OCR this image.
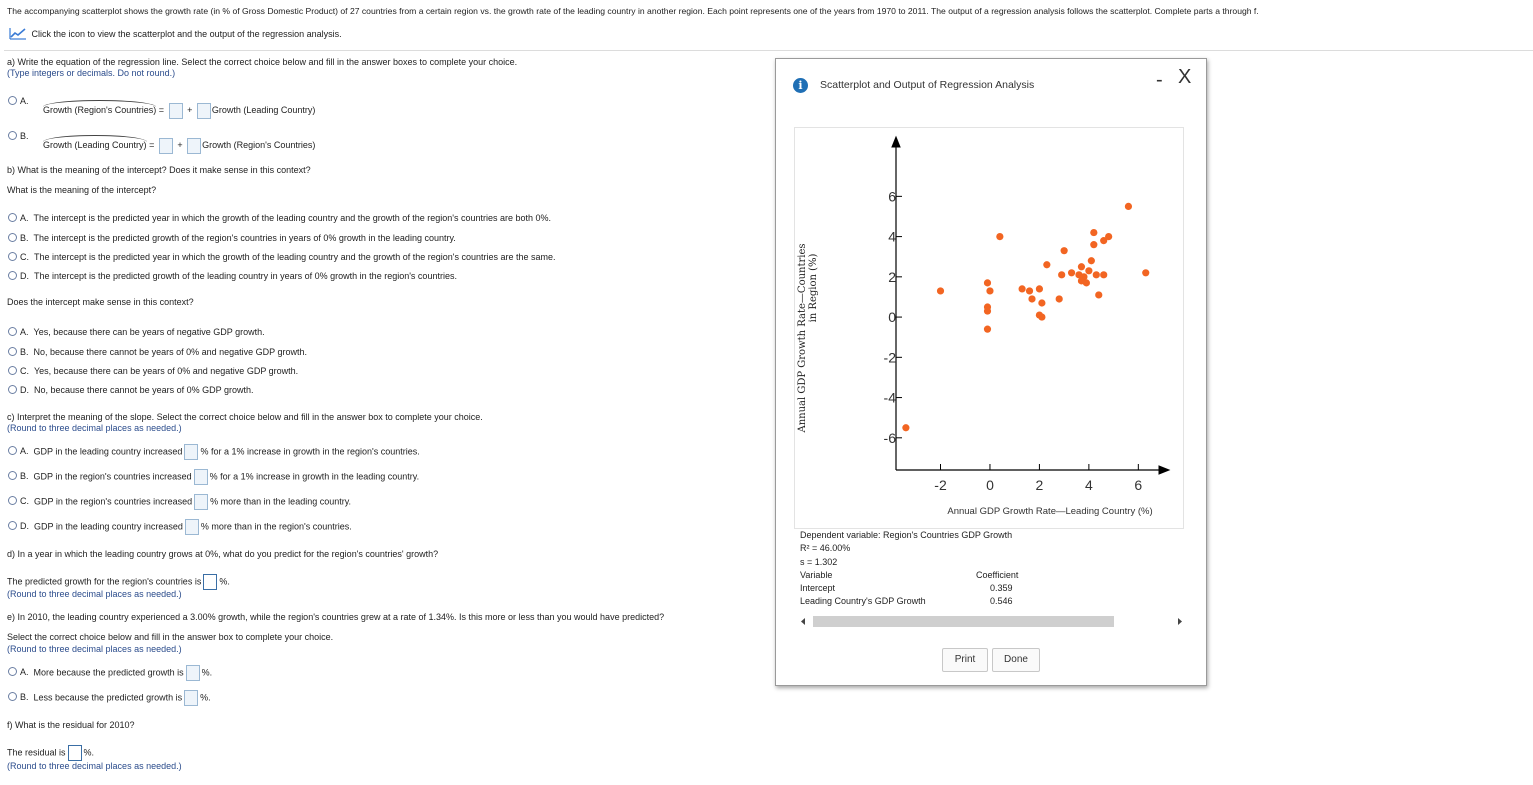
The accompanying scatterplot shows the growth rate (in % of Gross Domestic Product) of 27 countries from a certain region vs. the growth rate of the leading country in another region. Each point represents one of the years from 1970 to 2011. The output of a regression analysis follows the scatterplot. Complete parts a through f.
Click the icon to view the scatterplot and the output of the regression analysis.
a) Write the equation of the regression line. Select the correct choice below and fill in the answer boxes to complete your choice.
(Type integers or decimals. Do not round.)
A.
Growth (Region's Countries) =	+ Growth (Leading Country)
B.
Growth (Leading Country) =	+ Growth (Region's Countries)
b) What is the meaning of the intercept? Does it make sense in this context?
What is the meaning of the intercept?
A. The intercept is the predicted year in which the growth of the leading country and the growth of the region's countries are both 0%.
B. The intercept is the predicted growth of the region's countries in years of 0% growth in the leading country.
C. The intercept is the predicted year in which the growth of the leading country and the growth of the region's countries are the same.
D. The intercept is the predicted growth of the leading country in years of 0% growth in the region's countries.
Does the intercept make sense in this context?
A. Yes, because there can be years of negative GDP growth.
B. No, because there cannot be years of 0% and negative GDP growth.
C. Yes, because there can be years of 0% and negative GDP growth.
D. No, because there cannot be years of 0% GDP growth.
c) Interpret the meaning of the slope. Select the correct choice below and fill in the answer box to complete your choice.
(Round to three decimal places as needed.)
A. GDP in the leading country increased % for a 1% increase in growth in the region's countries.
B. GDP in the region's countries increased % for a 1% increase in growth in the leading country.
C. GDP in the region's countries increased % more than in the leading country.
D. GDP in the leading country increased % more than in the region's countries.
d) In a year in which the leading country grows at 0%, what do you predict for the region's countries' growth?
The predicted growth for the region's countries is %.
(Round to three decimal places as needed.)
e) In 2010, the leading country experienced a 3.00% growth, while the region's countries grew at a rate of 1.34%. Is this more or less than you would have predicted?
Select the correct choice below and fill in the answer box to complete your choice.
(Round to three decimal places as needed.)
A. More because the predicted growth is %.
B. Less because the predicted growth is %.
f) What is the residual for 2010?
The residual is %.
(Round to three decimal places as needed.)
i	Scatterplot and Output of Regression Analysis	- X
Annual GDP Growth Rate—Countries in Region (%)
-2	0	2	4	6
6
4
2
0
-2
-4
-6
Annual GDP Growth Rate—Leading Country (%)
Dependent variable: Region's Countries GDP Growth
R² = 46.00%
s = 1.302
Variable	Coefficient
Intercept	0.359
Leading Country's GDP Growth	0.546
Print	Done
